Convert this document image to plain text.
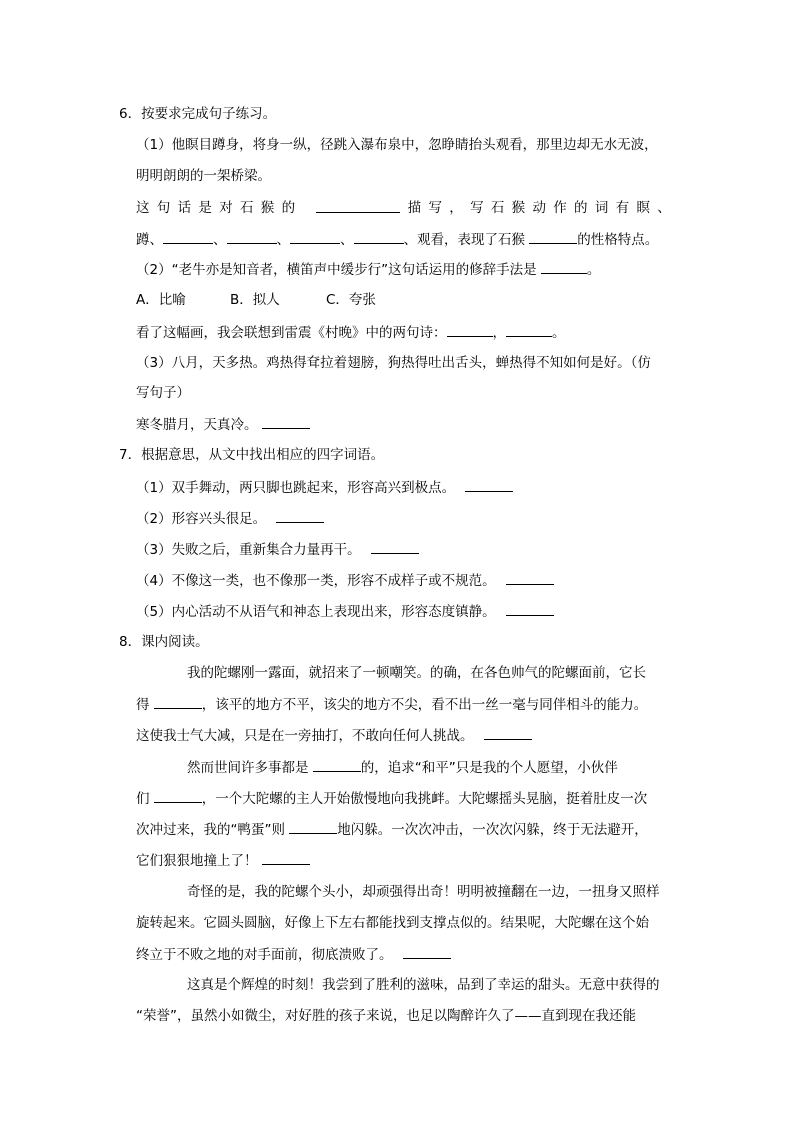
6．按要求完成句子练习。
（1）他瞑目蹲身，将身一纵，径跳入瀑布泉中，忽睁睛抬头观看，那里边却无水无波，
明明朗朗的一架桥梁。
这 句 话 是 对 石 猴 的	描 写 ， 写 石 猴 动 作 的 词 有 瞑 、
蹲、	、	、	、	、观看，表现了石猴	的性格特点。
（2）“老牛亦是知音者，横笛声中缓步行”这句话运用的修辞手法是	。
A．比喻	B．拟人	C．夸张
看了这幅画，我会联想到雷震《村晚》中的两句诗：	，	。
（3）八月，天多热。鸡热得耷拉着翅膀，狗热得吐出舌头，蝉热得不知如何是好。（仿
写句子）
寒冬腊月，天真冷。
7．根据意思，从文中找出相应的四字词语。
（1）双手舞动，两只脚也跳起来，形容高兴到极点。
（2）形容兴头很足。
（3）失败之后，重新集合力量再干。
（4）不像这一类，也不像那一类，形容不成样子或不规范。
（5）内心活动不从语气和神态上表现出来，形容态度镇静。
8．课内阅读。
我的陀螺刚一露面，就招来了一顿嘲笑。的确，在各色帅气的陀螺面前，它长
得	，该平的地方不平，该尖的地方不尖，看不出一丝一毫与同伴相斗的能力。
这使我士气大减，只是在一旁抽打，不敢向任何人挑战。
然而世间许多事都是	的，追求“和平”只是我的个人愿望，小伙伴
们	，一个大陀螺的主人开始傲慢地向我挑衅。大陀螺摇头晃脑，挺着肚皮一次
次冲过来，我的“鸭蛋”则	地闪躲。一次次冲击，一次次闪躲，终于无法避开，
它们狠狠地撞上了！
奇怪的是，我的陀螺个头小，却顽强得出奇！明明被撞翻在一边，一扭身又照样
旋转起来。它圆头圆脑，好像上下左右都能找到支撑点似的。结果呢，大陀螺在这个始
终立于不败之地的对手面前，彻底溃败了。
这真是个辉煌的时刻！我尝到了胜利的滋味，品到了幸运的甜头。无意中获得的
“荣誉”，虽然小如微尘，对好胜的孩子来说，也足以陶醉许久了——直到现在我还能
